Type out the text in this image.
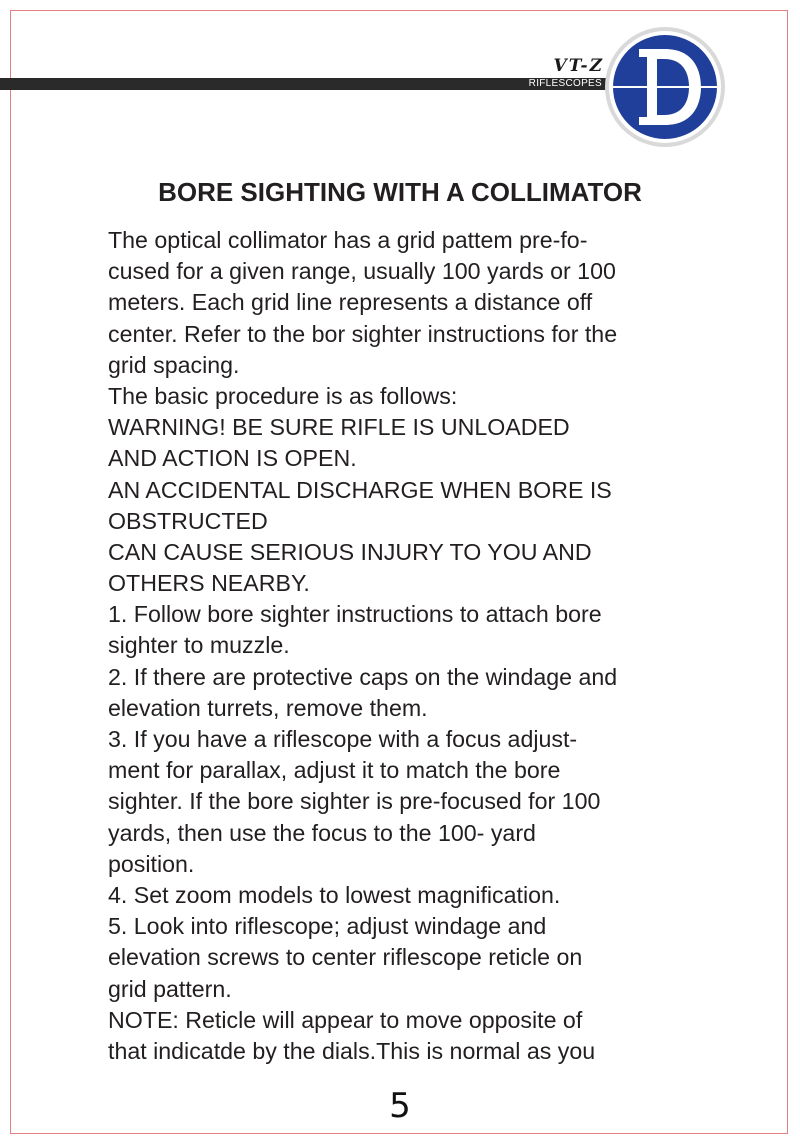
VT-Z
RIFLESCOPES
BORE SIGHTING WITH A COLLIMATOR
The optical collimator has a grid pattem pre-fo-
cused for a given range, usually 100 yards or 100
meters. Each grid line represents a distance off
center. Refer to the bor sighter instructions for the
grid spacing.
The basic procedure is as follows:
WARNING! BE SURE RIFLE IS UNLOADED
AND ACTION IS OPEN.
AN ACCIDENTAL DISCHARGE WHEN BORE IS
OBSTRUCTED
CAN CAUSE SERIOUS INJURY TO YOU AND
OTHERS NEARBY.
1. Follow bore sighter instructions to attach bore
sighter to muzzle.
2. If there are protective caps on the windage and
elevation turrets, remove them.
3. If you have a riflescope with a focus adjust-
ment for parallax, adjust it to match the bore
sighter. If the bore sighter is pre-focused for 100
yards, then use the focus to the 100- yard
position.
4. Set zoom models to lowest magnification.
5. Look into riflescope; adjust windage and
elevation screws to center riflescope reticle on
grid pattern.
NOTE: Reticle will appear to move opposite of
that indicatde by the dials.This is normal as you
5
